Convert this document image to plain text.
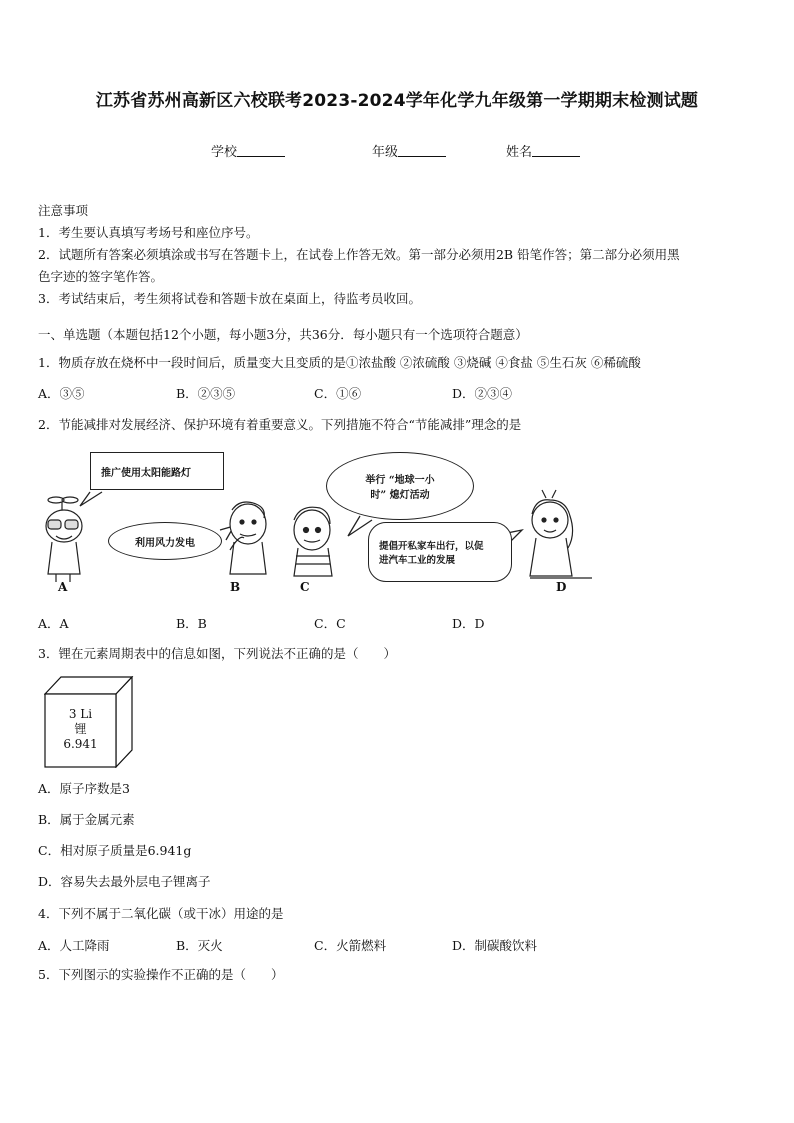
江苏省苏州高新区六校联考2023-2024学年化学九年级第一学期期末检测试题
学校	年级	姓名
注意事项
1．考生要认真填写考场号和座位序号。
2．试题所有答案必须填涂或书写在答题卡上，在试卷上作答无效。第一部分必须用2B 铅笔作答；第二部分必须用黑
色字迹的签字笔作答。
3．考试结束后，考生须将试卷和答题卡放在桌面上，待监考员收回。
一、单选题（本题包括12个小题，每小题3分，共36分．每小题只有一个选项符合题意）
1．物质存放在烧杯中一段时间后，质量变大且变质的是①浓盐酸 ②浓硫酸 ③烧碱 ④食盐 ⑤生石灰 ⑥稀硫酸
A．③⑤	B．②③⑤	C．①⑥	D．②③④
2．节能减排对发展经济、保护环境有着重要意义。下列措施不符合“节能减排”理念的是
推广使用太阳能路灯
利用风力发电
举行 “地球一小
时” 熄灯活动
提倡开私家车出行，以促
进汽车工业的发展
A	B	C	D
A．A	B．B	C．C	D．D
3．锂在元素周期表中的信息如图，下列说法不正确的是（　　）
3 Li
锂
6.941
A．原子序数是3
B．属于金属元素
C．相对原子质量是6.941g
D．容易失去最外层电子锂离子
4．下列不属于二氧化碳（或干冰）用途的是
A．人工降雨	B．灭火	C．火箭燃料	D．制碳酸饮料
5．下列图示的实验操作不正确的是（　　）
